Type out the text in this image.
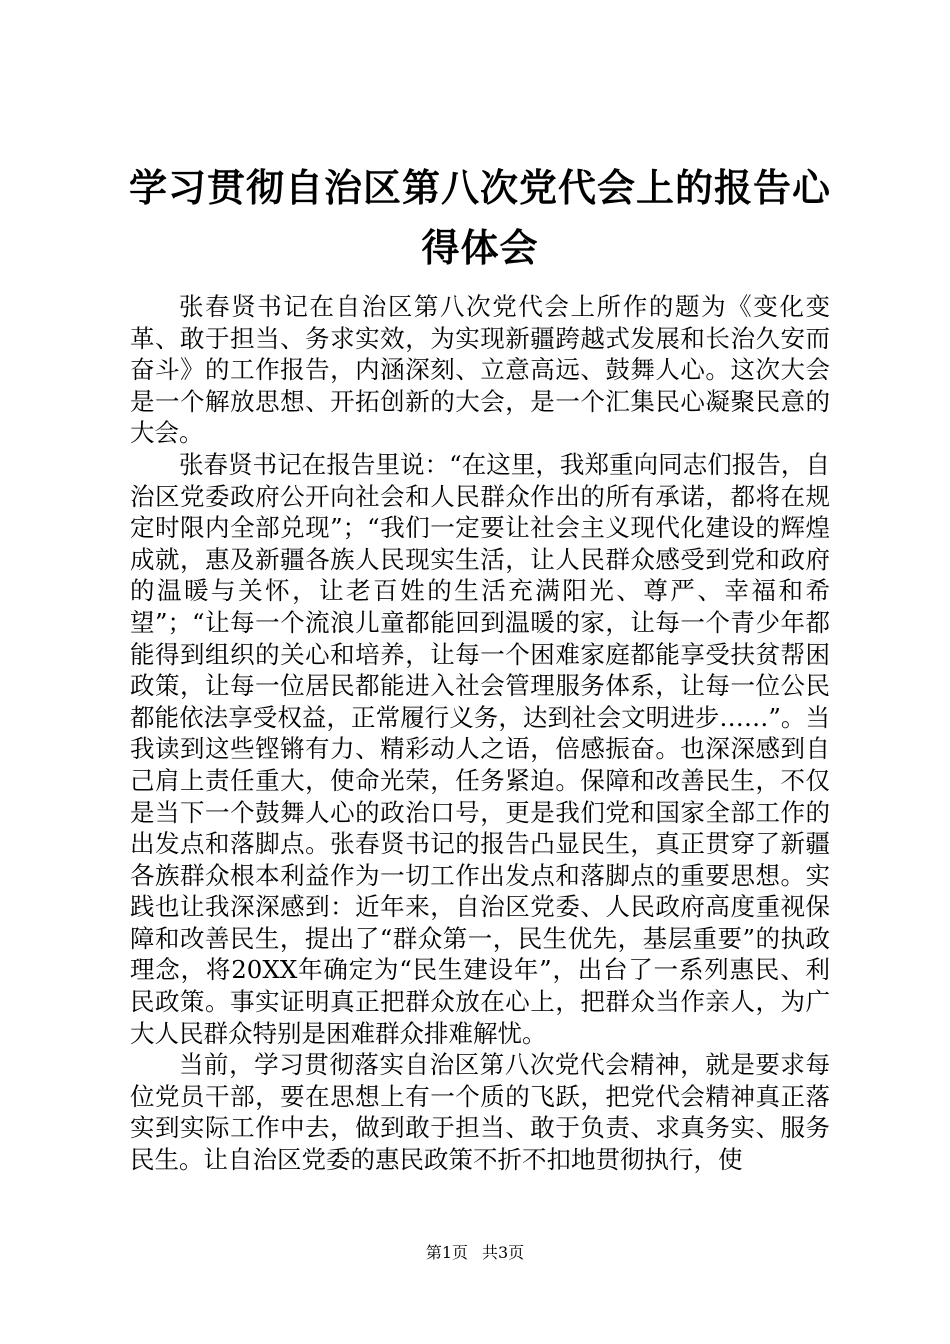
学习贯彻自治区第八次党代会上的报告心得体会

张春贤书记在自治区第八次党代会上所作的题为《变化变革、敢于担当、务求实效，为实现新疆跨越式发展和长治久安而奋斗》的工作报告，内涵深刻、立意高远、鼓舞人心。这次大会是一个解放思想、开拓创新的大会，是一个汇集民心凝聚民意的大会。

张春贤书记在报告里说：“在这里，我郑重向同志们报告，自治区党委政府公开向社会和人民群众作出的所有承诺，都将在规定时限内全部兑现”；“我们一定要让社会主义现代化建设的辉煌成就，惠及新疆各族人民现实生活，让人民群众感受到党和政府的温暖与关怀，让老百姓的生活充满阳光、尊严、幸福和希望”；“让每一个流浪儿童都能回到温暖的家，让每一个青少年都能得到组织的关心和培养，让每一个困难家庭都能享受扶贫帮困政策，让每一位居民都能进入社会管理服务体系，让每一位公民都能依法享受权益，正常履行义务，达到社会文明进步……”。当我读到这些铿锵有力、精彩动人之语，倍感振奋。也深深感到自己肩上责任重大，使命光荣，任务紧迫。保障和改善民生，不仅是当下一个鼓舞人心的政治口号，更是我们党和国家全部工作的出发点和落脚点。张春贤书记的报告凸显民生，真正贯穿了新疆各族群众根本利益作为一切工作出发点和落脚点的重要思想。实践也让我深深感到：近年来，自治区党委、人民政府高度重视保障和改善民生，提出了“群众第一，民生优先，基层重要”的执政理念，将20XX年确定为“民生建设年”，出台了一系列惠民、利民政策。事实证明真正把群众放在心上，把群众当作亲人，为广大人民群众特别是困难群众排难解忧。

当前，学习贯彻落实自治区第八次党代会精神，就是要求每位党员干部，要在思想上有一个质的飞跃，把党代会精神真正落实到实际工作中去，做到敢于担当、敢于负责、求真务实、服务民生。让自治区党委的惠民政策不折不扣地贯彻执行，使

第1页 共3页
